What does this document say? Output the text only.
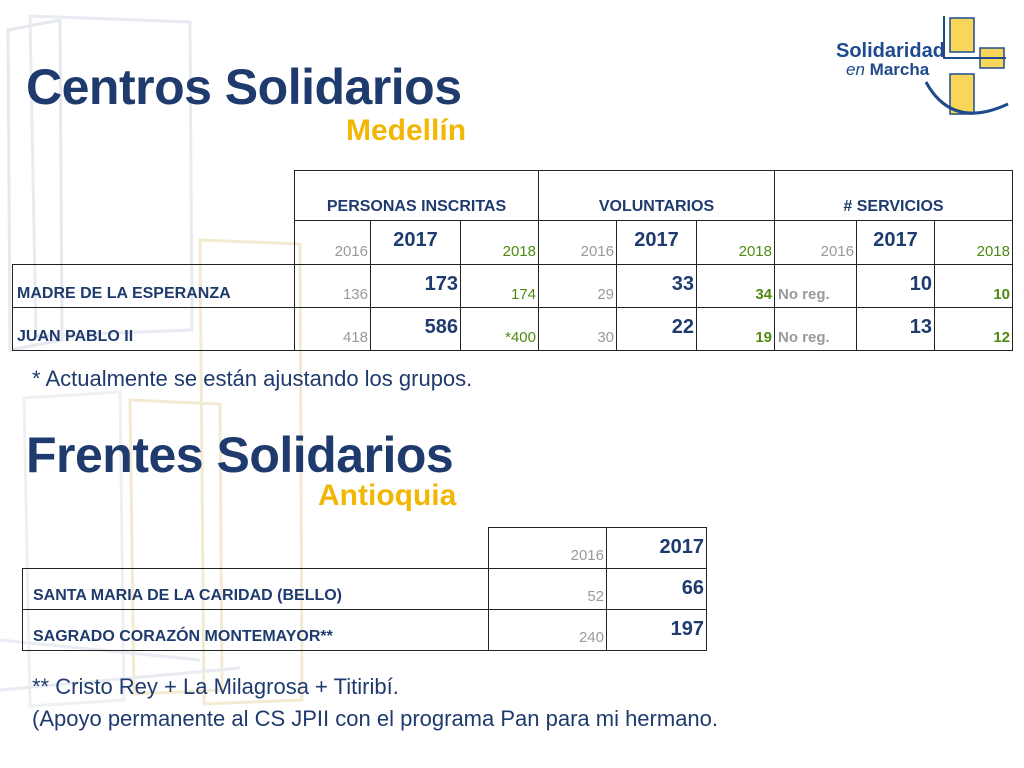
Solidaridad
en Marcha
Centros Solidarios
Medellín
	PERSONAS INSCRITAS			VOLUNTARIOS			# SERVICIOS		
	2016	2017	2018	2016	2017	2018	2016	2017	2018
MADRE DE LA ESPERANZA	136	173	174	29	33	34	No reg.	10	10
JUAN PABLO II	418	586	*400	30	22	19	No reg.	13	12
* Actualmente se están ajustando los grupos.
Frentes Solidarios
Antioquia
	2016	2017
SANTA MARIA DE LA CARIDAD (BELLO)	52	66
SAGRADO CORAZÓN MONTEMAYOR**	240	197
** Cristo Rey + La Milagrosa + Titiribí.
(Apoyo permanente al CS JPII con el programa Pan para mi hermano.
